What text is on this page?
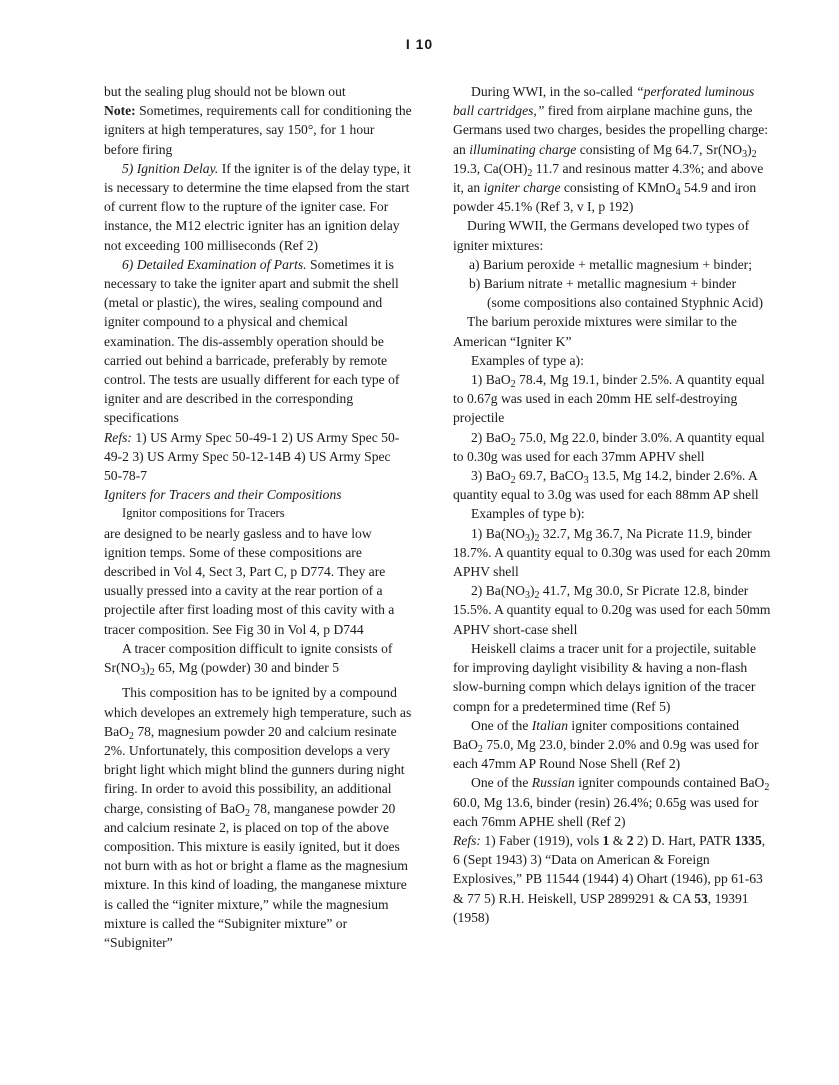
I 10

but the sealing plug should not be blown out

Note: Sometimes, requirements call for conditioning the igniters at high temperatures, say 150°, for 1 hour before firing

5) Ignition Delay. If the igniter is of the delay type, it is necessary to determine the time elapsed from the start of current flow to the rupture of the igniter case. For instance, the M12 electric igniter has an ignition delay not exceeding 100 milliseconds (Ref 2)

6) Detailed Examination of Parts. Sometimes it is necessary to take the igniter apart and submit the shell (metal or plastic), the wires, sealing compound and igniter compound to a physical and chemical examination. The dis-assembly operation should be carried out behind a barricade, preferably by remote control. The tests are usually different for each type of igniter and are described in the corresponding specifications

Refs: 1) US Army Spec 50-49-1 2) US Army Spec 50-49-2 3) US Army Spec 50-12-14B 4) US Army Spec 50-78-7

Igniters for Tracers and their Compositions

Ignitor compositions for Tracers

are designed to be nearly gasless and to have low ignition temps. Some of these compositions are described in Vol 4, Sect 3, Part C, p D774. They are usually pressed into a cavity at the rear portion of a projectile after first loading most of this cavity with a tracer composition. See Fig 30 in Vol 4, p D744

A tracer composition difficult to ignite consists of $Sr(NO_3)_2$ 65, Mg (powder) 30 and binder 5

This composition has to be ignited by a compound which developes an extremely high temperature, such as BaO$_2$ 78, magnesium powder 20 and calcium resinate 2%. Unfortunately, this composition develops a very bright light which might blind the gunners during night firing. In order to avoid this possibility, an additional charge, consisting of BaO$_2$ 78, manganese powder 20 and calcium resinate 2, is placed on top of the above composition. This mixture is easily ignited, but it does not burn with as hot or bright a flame as the magnesium mixture. In this kind of loading, the manganese mixture is called the “igniter mixture,” while the magnesium mixture is called the “Subigniter mixture” or “Subigniter”

During WWI, in the so-called “perforated luminous ball cartridges,” fired from airplane machine guns, the Germans used two charges, besides the propelling charge: an illuminating charge consisting of Mg 64.7, $Sr(NO_3)_2$ 19.3, $Ca(OH)_2$ 11.7 and resinous matter 4.3%; and above it, an igniter charge consisting of KMnO$_4$ 54.9 and iron powder 45.1% (Ref 3, v I, p 192)

During WWII, the Germans developed two types of igniter mixtures:

a) Barium peroxide + metallic magnesium + binder;

b) Barium nitrate + metallic magnesium + binder (some compositions also contained Styphnic Acid)

The barium peroxide mixtures were similar to the American “Igniter K”

Examples of type a):

1) BaO$_2$ 78.4, Mg 19.1, binder 2.5%. A quantity equal to 0.67g was used in each 20mm HE self-destroying projectile

2) BaO$_2$ 75.0, Mg 22.0, binder 3.0%. A quantity equal to 0.30g was used for each 37mm APHV shell

3) BaO$_2$ 69.7, BaCO$_3$ 13.5, Mg 14.2, binder 2.6%. A quantity equal to 3.0g was used for each 88mm AP shell

Examples of type b):

1) $Ba(NO_3)_2$ 32.7, Mg 36.7, Na Picrate 11.9, binder 18.7%. A quantity equal to 0.30g was used for each 20mm APHV shell

2) $Ba(NO_3)_2$ 41.7, Mg 30.0, Sr Picrate 12.8, binder 15.5%. A quantity equal to 0.20g was used for each 50mm APHV short-case shell

Heiskell claims a tracer unit for a projectile, suitable for improving daylight visibility & having a non-flash slow-burning compn which delays ignition of the tracer compn for a predetermined time (Ref 5)

One of the Italian igniter compositions contained BaO$_2$ 75.0, Mg 23.0, binder 2.0% and 0.9g was used for each 47mm AP Round Nose Shell (Ref 2)

One of the Russian igniter compounds contained BaO$_2$ 60.0, Mg 13.6, binder (resin) 26.4%; 0.65g was used for each 76mm APHE shell (Ref 2)

Refs: 1) Faber (1919), vols 1 & 2 2) D. Hart, PATR 1335, 6 (Sept 1943) 3) “Data on American & Foreign Explosives,” PB 11544 (1944) 4) Ohart (1946), pp 61-63 & 77 5) R.H. Heiskell, USP 2899291 & CA 53, 19391 (1958)
